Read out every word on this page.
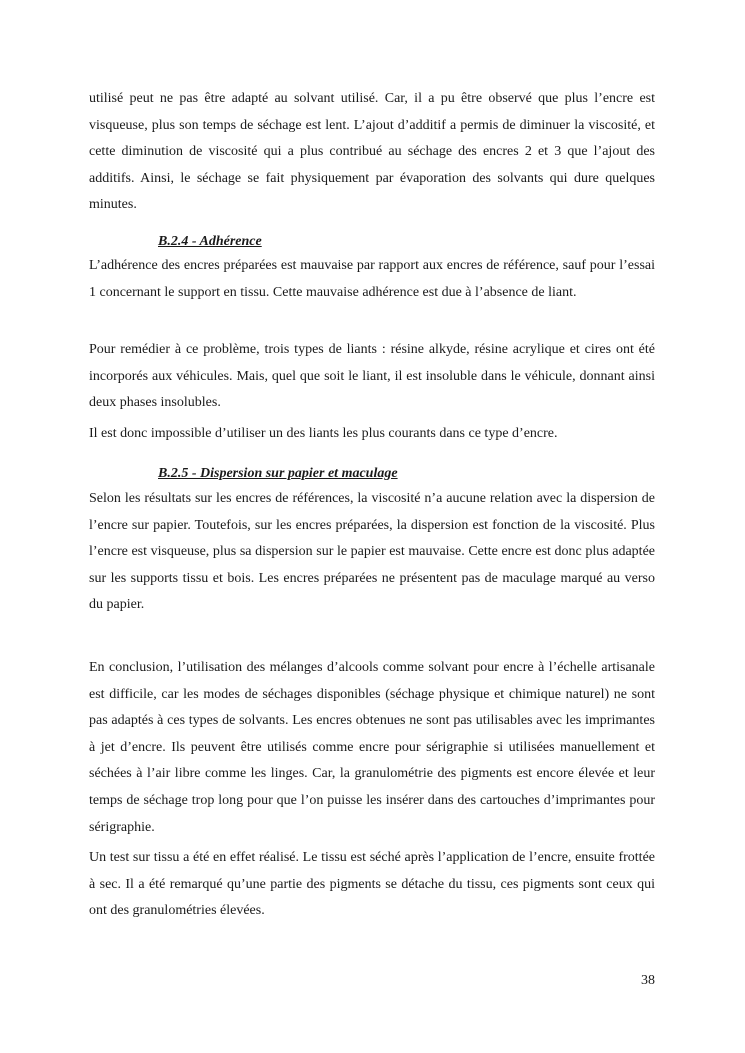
utilisé peut ne pas être adapté au solvant utilisé. Car, il a pu être observé que plus l’encre est visqueuse, plus son temps de séchage est lent. L’ajout d’additif a permis de diminuer la viscosité, et cette diminution de viscosité qui a plus contribué au séchage des encres 2 et 3 que l’ajout des additifs. Ainsi, le séchage se fait physiquement par évaporation des solvants qui dure quelques minutes.

B.2.4 - Adhérence

L’adhérence des encres préparées est mauvaise par rapport aux encres de référence, sauf pour l’essai 1 concernant le support en tissu. Cette mauvaise adhérence est due à l’absence de liant.

Pour remédier à ce problème, trois types de liants : résine alkyde, résine acrylique et cires ont été incorporés aux véhicules. Mais, quel que soit le liant, il est insoluble dans le véhicule, donnant ainsi deux phases insolubles.

Il est donc impossible d’utiliser un des liants les plus courants dans ce type d’encre.

B.2.5 - Dispersion sur papier et maculage

Selon les résultats sur les encres de références, la viscosité n’a aucune relation avec la dispersion de l’encre sur papier. Toutefois, sur les encres préparées, la dispersion est fonction de la viscosité. Plus l’encre est visqueuse, plus sa dispersion sur le papier est mauvaise. Cette encre est donc plus adaptée sur les supports tissu et bois. Les encres préparées ne présentent pas de maculage marqué au verso du papier.

En conclusion, l’utilisation des mélanges d’alcools comme solvant pour encre à l’échelle artisanale est difficile, car les modes de séchages disponibles (séchage physique et chimique naturel) ne sont pas adaptés à ces types de solvants. Les encres obtenues ne sont pas utilisables avec les imprimantes à jet d’encre. Ils peuvent être utilisés comme encre pour sérigraphie si utilisées manuellement et séchées à l’air libre comme les linges. Car, la granulométrie des pigments est encore élevée et leur temps de séchage trop long pour que l’on puisse les insérer dans des cartouches d’imprimantes pour sérigraphie.

Un test sur tissu a été en effet réalisé. Le tissu est séché après l’application de l’encre, ensuite frottée à sec. Il a été remarqué qu’une partie des pigments se détache du tissu, ces pigments sont ceux qui ont des granulométries élevées.

38
